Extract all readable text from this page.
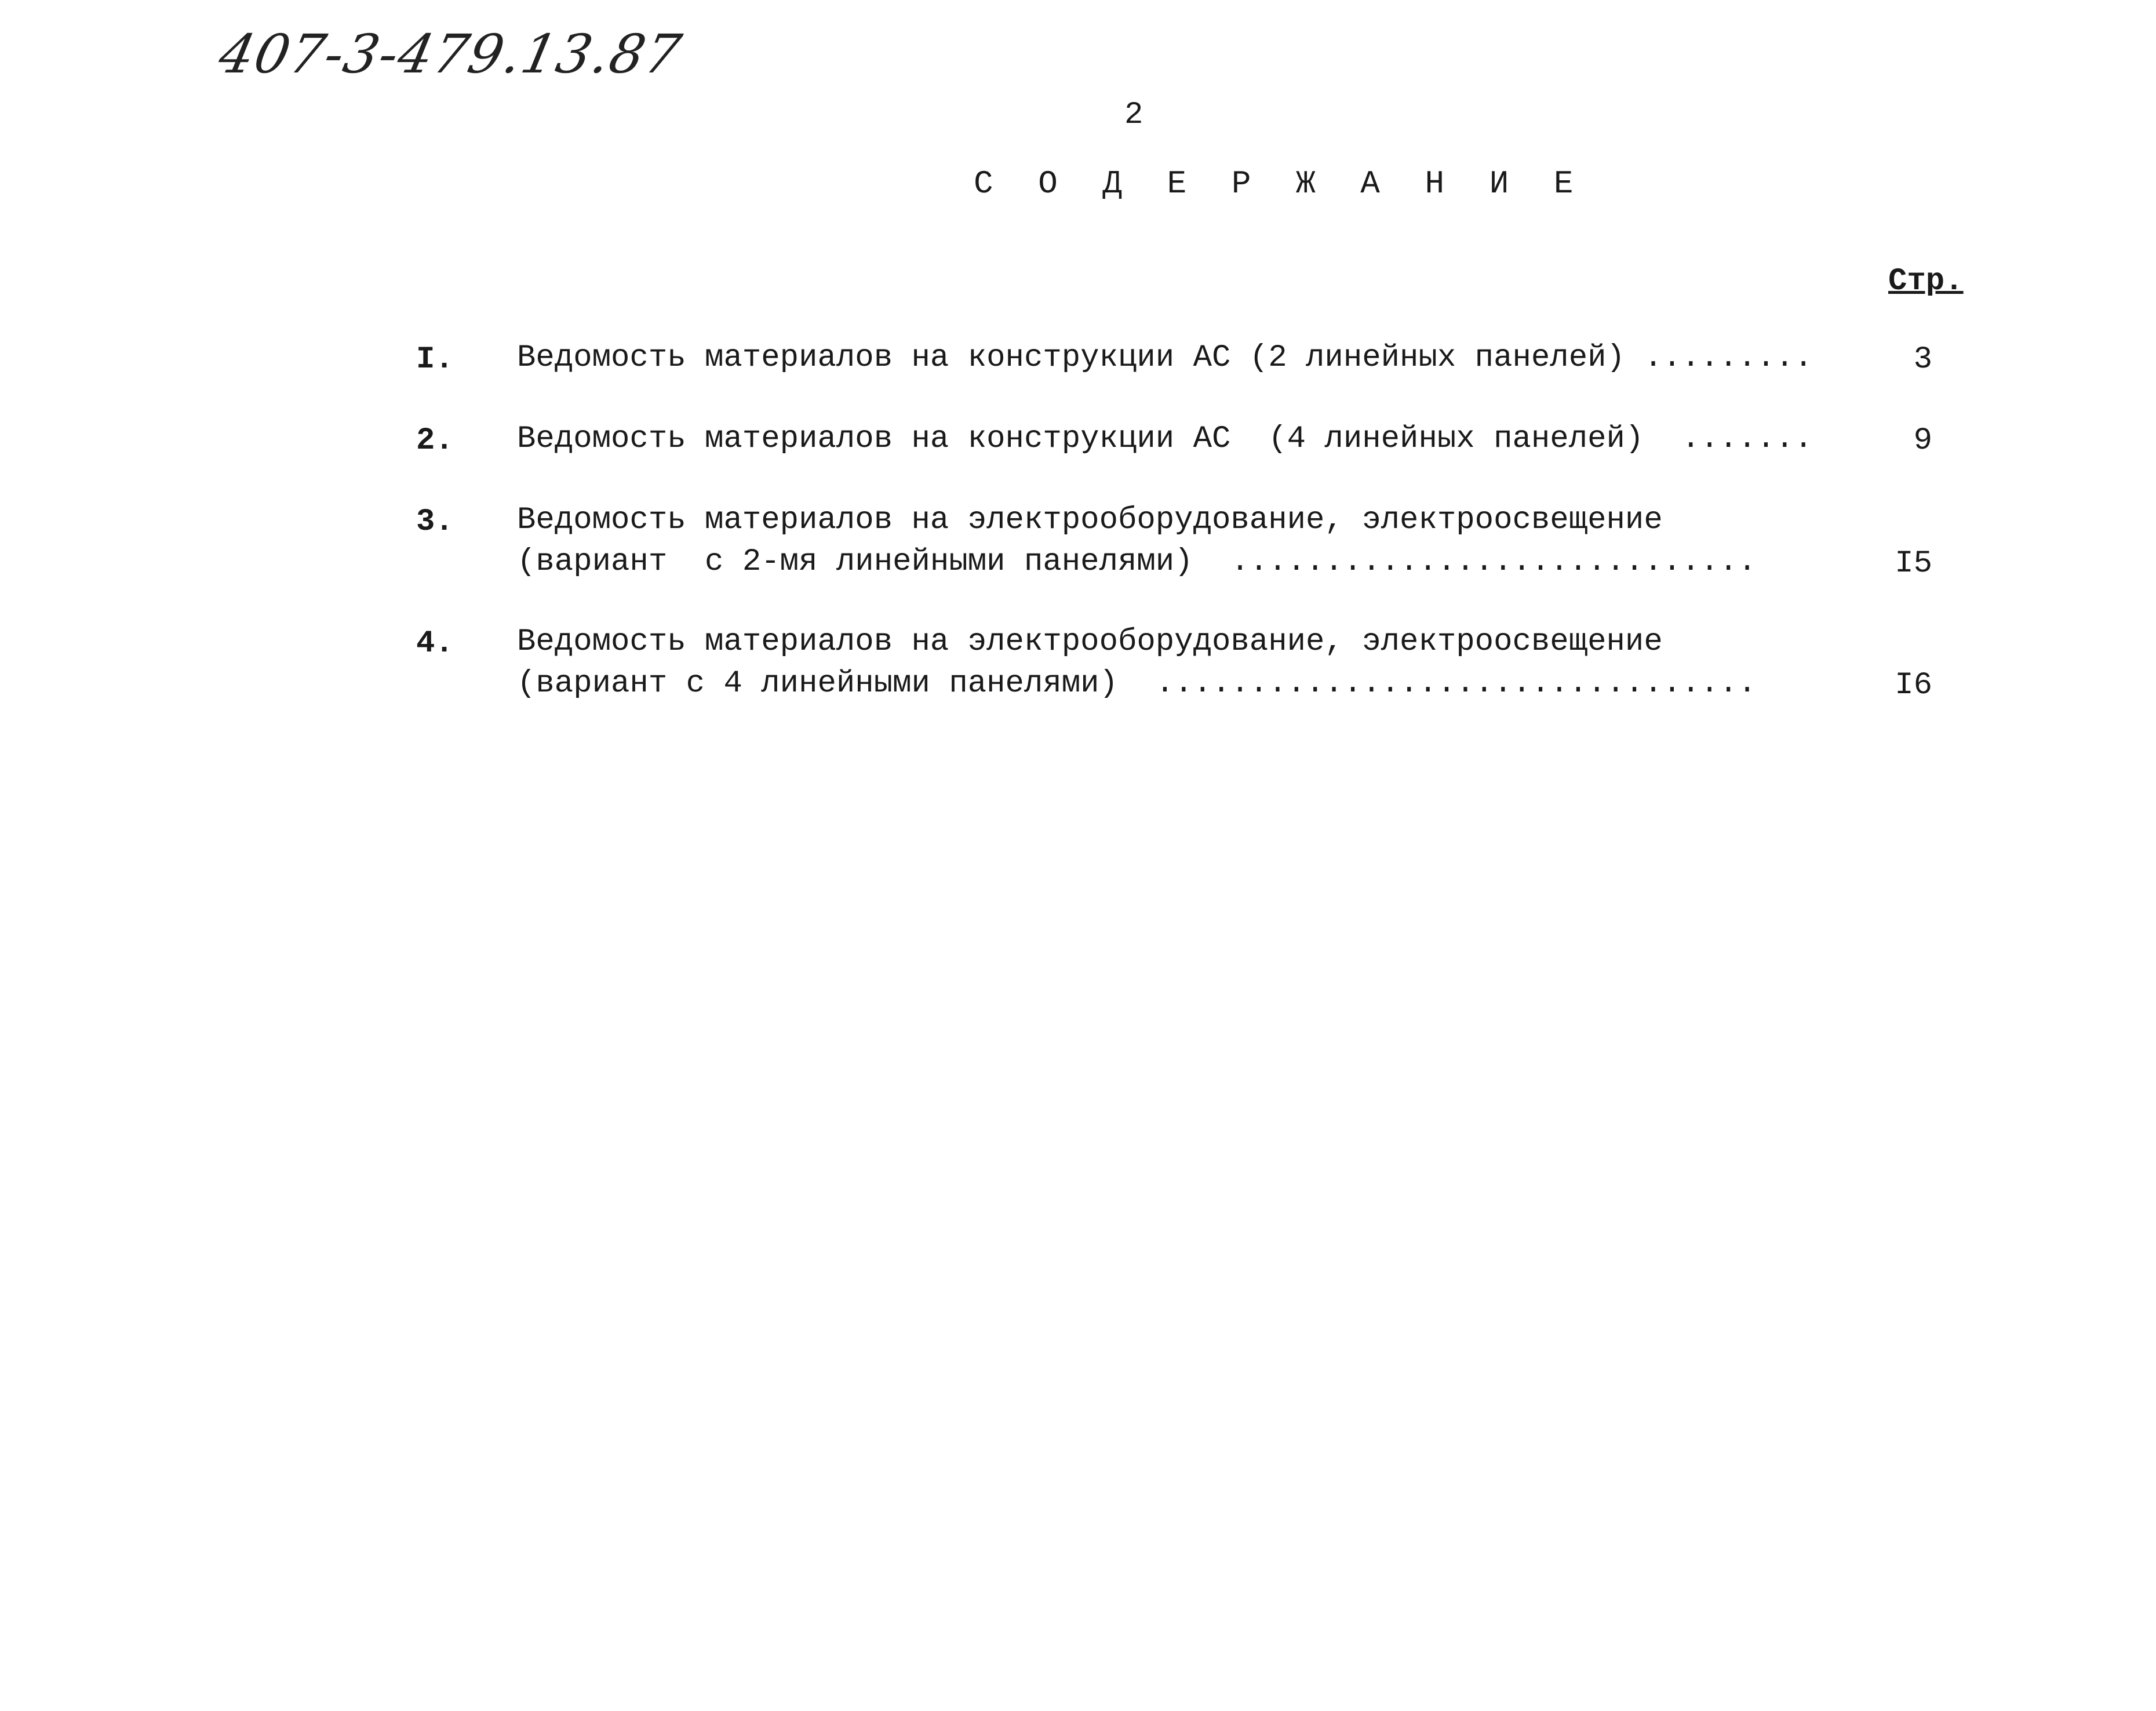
407-3-479.13.87
2
С О Д Е Р Ж А Н И Е
Стр.
I. Ведомость материалов на конструкции АС (2 линейных панелей) .........	3
2. Ведомость материалов на конструкции АС  (4 линейных панелей)  .......	9
3. Ведомость материалов на электрооборудование, электроосвещение
(вариант  с 2-мя линейными панелями)  ............................	I5
4. Ведомость материалов на электрооборудование, электроосвещение
(вариант с 4 линейными панелями)  ................................	I6
